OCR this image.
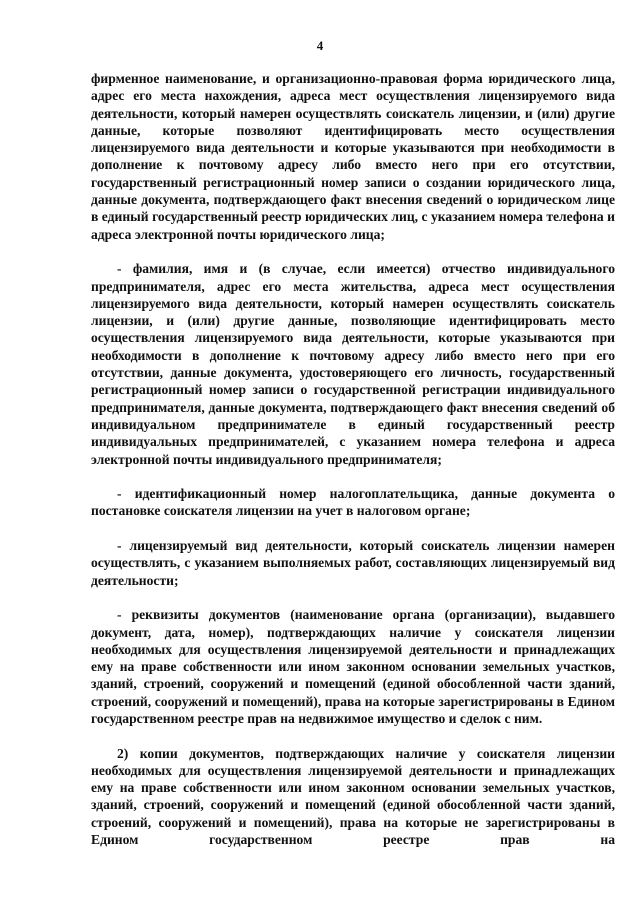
4

фирменное наименование, и организационно-правовая форма юридического лица, адрес его места нахождения, адреса мест осуществления лицензируемого вида деятельности, который намерен осуществлять соискатель лицензии, и (или) другие данные, которые позволяют идентифицировать место осуществления лицензируемого вида деятельности и которые указываются при необходимости в дополнение к почтовому адресу либо вместо него при его отсутствии, государственный регистрационный номер записи о создании юридического лица, данные документа, подтверждающего факт внесения сведений о юридическом лице в единый государственный реестр юридических лиц, с указанием номера телефона и адреса электронной почты юридического лица;

- фамилия, имя и (в случае, если имеется) отчество индивидуального предпринимателя, адрес его места жительства, адреса мест осуществления лицензируемого вида деятельности, который намерен осуществлять соискатель лицензии, и (или) другие данные, позволяющие идентифицировать место осуществления лицензируемого вида деятельности, которые указываются при необходимости в дополнение к почтовому адресу либо вместо него при его отсутствии, данные документа, удостоверяющего его личность, государственный регистрационный номер записи о государственной регистрации индивидуального предпринимателя, данные документа, подтверждающего факт внесения сведений об индивидуальном предпринимателе в единый государственный реестр индивидуальных предпринимателей, с указанием номера телефона и адреса электронной почты индивидуального предпринимателя;

- идентификационный номер налогоплательщика, данные документа о постановке соискателя лицензии на учет в налоговом органе;

- лицензируемый вид деятельности, который соискатель лицензии намерен осуществлять, с указанием выполняемых работ, составляющих лицензируемый вид деятельности;

- реквизиты документов (наименование органа (организации), выдавшего документ, дата, номер), подтверждающих наличие у соискателя лицензии необходимых для осуществления лицензируемой деятельности и принадлежащих ему на праве собственности или ином законном основании земельных участков, зданий, строений, сооружений и помещений (единой обособленной части зданий, строений, сооружений и помещений), права на которые зарегистрированы в Едином государственном реестре прав на недвижимое имущество и сделок с ним.

2) копии документов, подтверждающих наличие у соискателя лицензии необходимых для осуществления лицензируемой деятельности и принадлежащих ему на праве собственности или ином законном основании земельных участков, зданий, строений, сооружений и помещений (единой обособленной части зданий, строений, сооружений и помещений), права на которые не зарегистрированы в Едином государственном реестре прав на
